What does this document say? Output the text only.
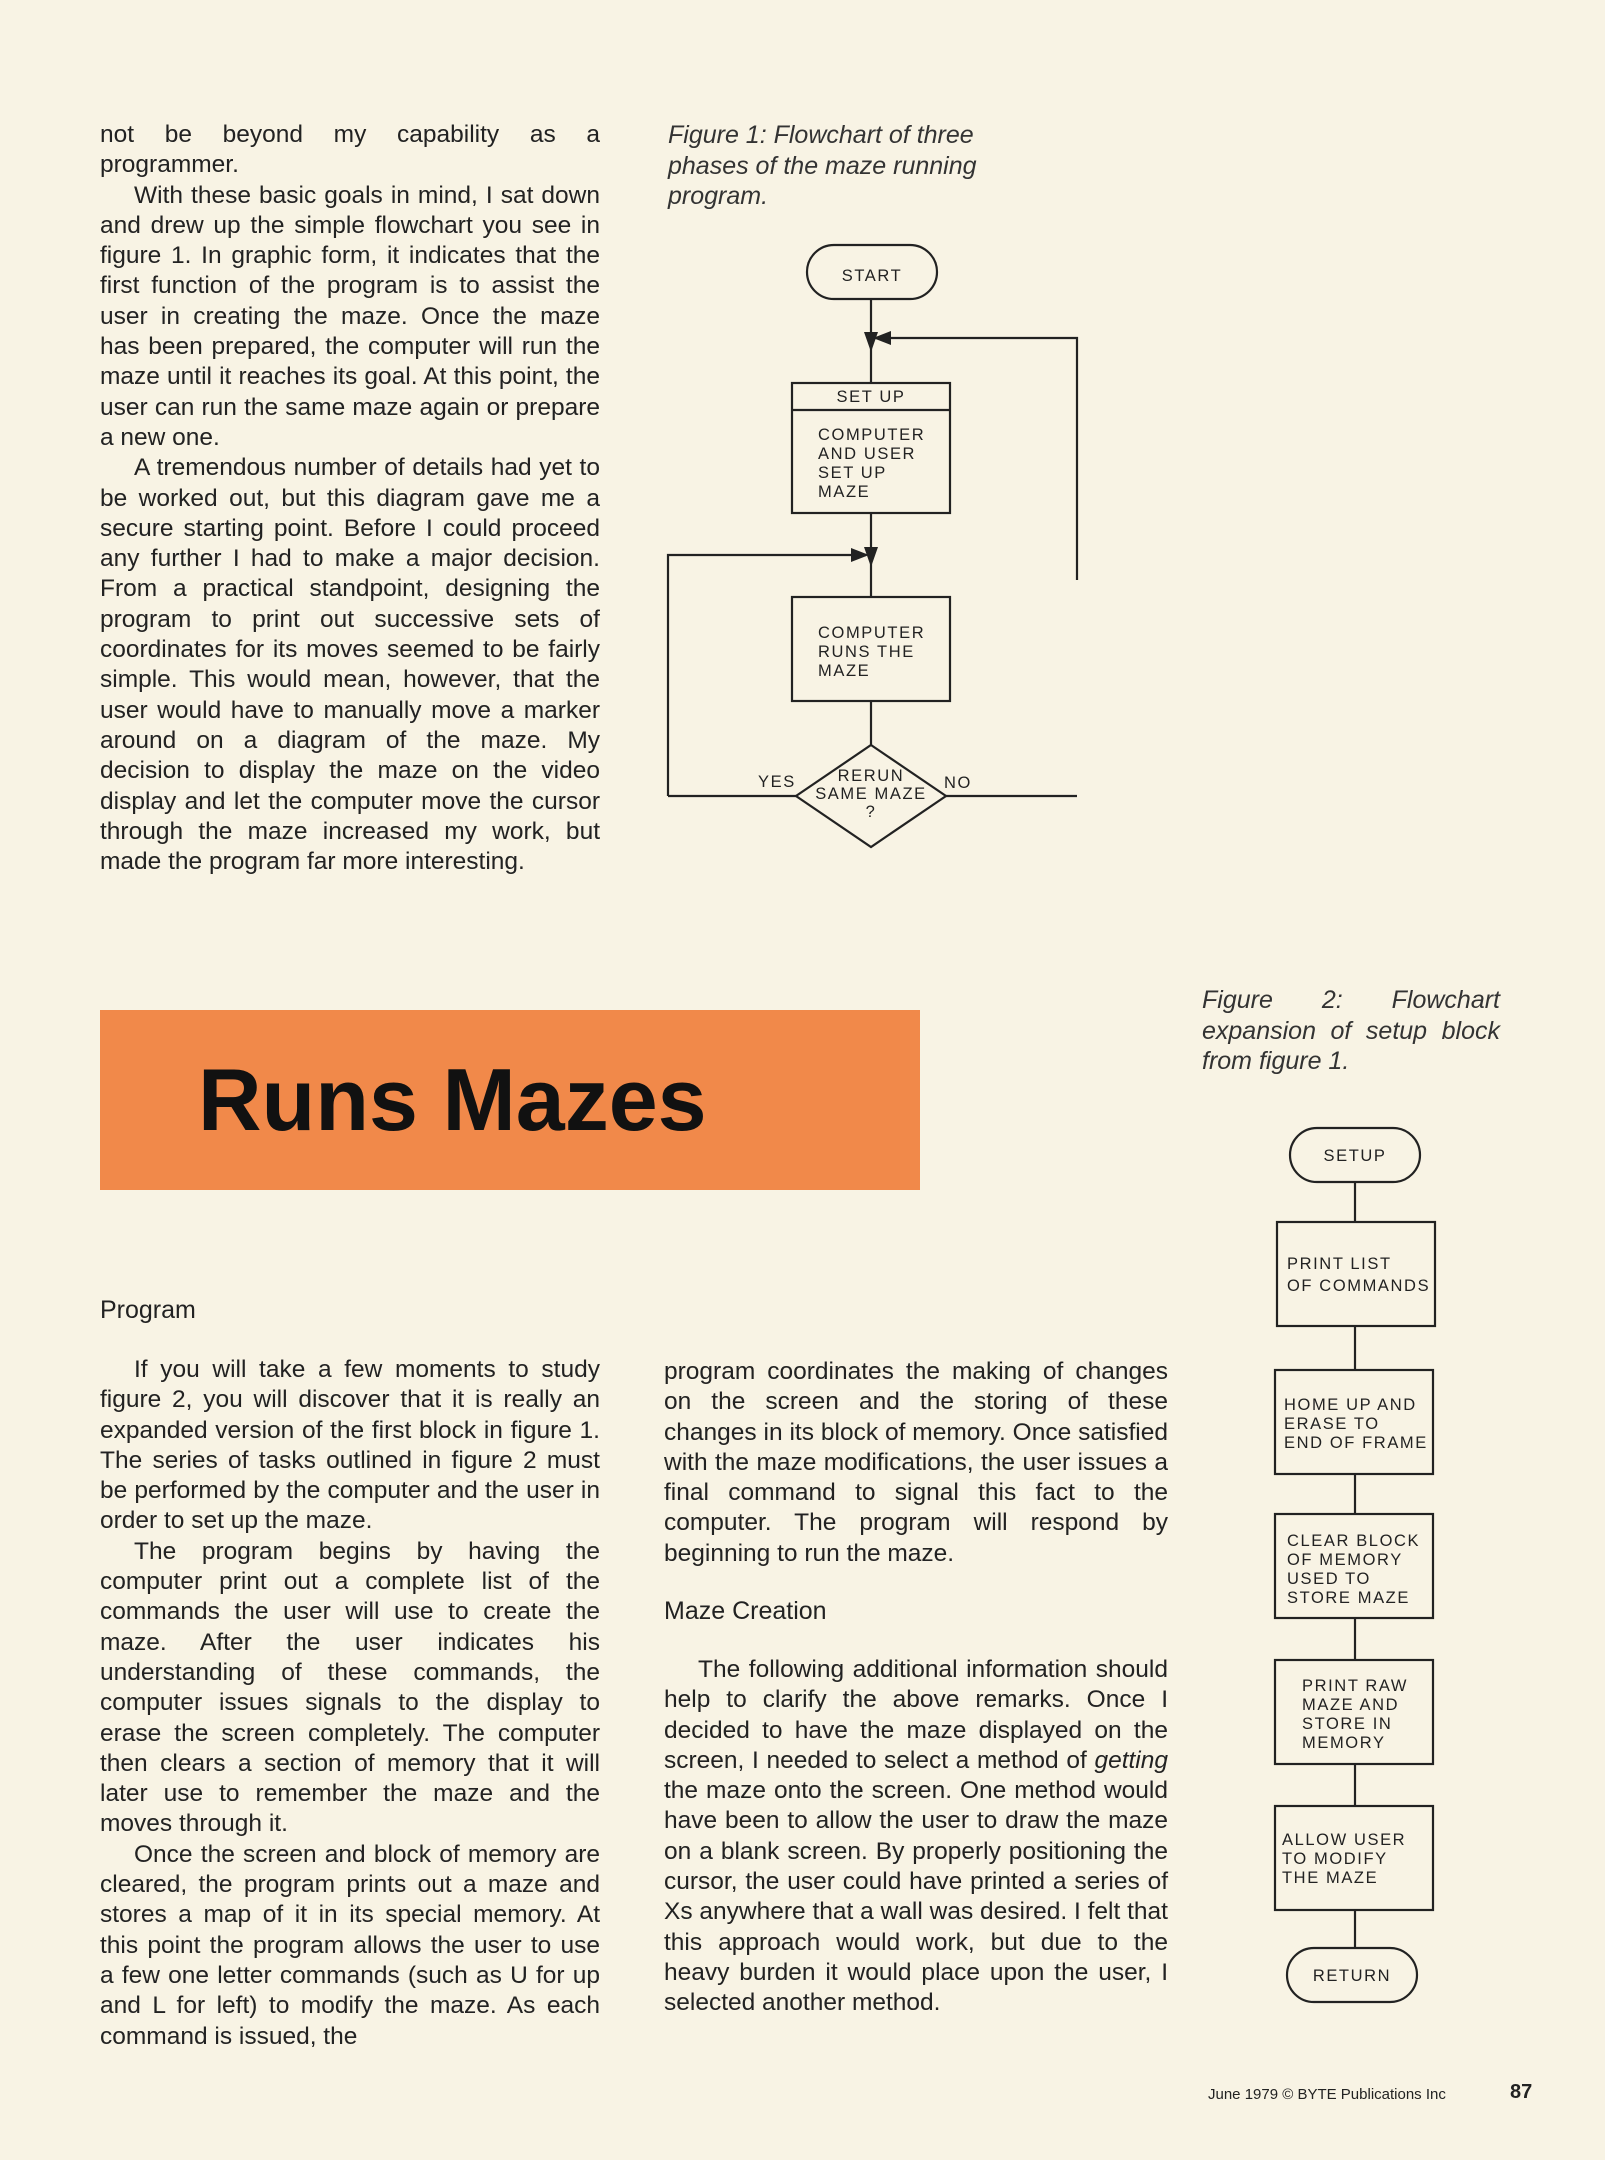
not be beyond my capability as a programmer.

With these basic goals in mind, I sat down and drew up the simple flowchart you see in figure 1. In graphic form, it indicates that the first function of the program is to assist the user in creating the maze. Once the maze has been prepared, the computer will run the maze until it reaches its goal. At this point, the user can run the same maze again or prepare a new one.

A tremendous number of details had yet to be worked out, but this diagram gave me a secure starting point. Before I could proceed any further I had to make a major decision. From a practical standpoint, designing the program to print out successive sets of coordinates for its moves seemed to be fairly simple. This would mean, however, that the user would have to manually move a marker around on a diagram of the maze. My decision to display the maze on the video display and let the computer move the cursor through the maze increased my work, but made the program far more interesting.

Figure 1: Flowchart of three phases of the maze running program.
START
SET UP
COMPUTER
AND USER
SET UP
MAZE
COMPUTER
RUNS THE
MAZE
RERUN
SAME MAZE
?
YES	NO
Runs Mazes
Figure 2: Flowchart expansion of setup block from figure 1.
SETUP
PRINT LIST
OF COMMANDS
HOME UP AND
ERASE TO
END OF FRAME
CLEAR BLOCK
OF MEMORY
USED TO
STORE MAZE
PRINT RAW
MAZE AND
STORE IN
MEMORY
ALLOW USER
TO MODIFY
THE MAZE
RETURN
Program

If you will take a few moments to study figure 2, you will discover that it is really an expanded version of the first block in figure 1. The series of tasks outlined in figure 2 must be performed by the computer and the user in order to set up the maze.

The program begins by having the computer print out a complete list of the commands the user will use to create the maze. After the user indicates his understanding of these commands, the computer issues signals to the display to erase the screen completely. The computer then clears a section of memory that it will later use to remember the maze and the moves through it.

Once the screen and block of memory are cleared, the program prints out a maze and stores a map of it in its special memory. At this point the program allows the user to use a few one letter commands (such as U for up and L for left) to modify the maze. As each command is issued, the

program coordinates the making of changes on the screen and the storing of these changes in its block of memory. Once satisfied with the maze modifications, the user issues a final command to signal this fact to the computer. The program will respond by beginning to run the maze.

Maze Creation

The following additional information should help to clarify the above remarks. Once I decided to have the maze displayed on the screen, I needed to select a method of getting the maze onto the screen. One method would have been to allow the user to draw the maze on a blank screen. By properly positioning the cursor, the user could have printed a series of Xs anywhere that a wall was desired. I felt that this approach would work, but due to the heavy burden it would place upon the user, I selected another method.

June 1979 © BYTE Publications Inc	87
